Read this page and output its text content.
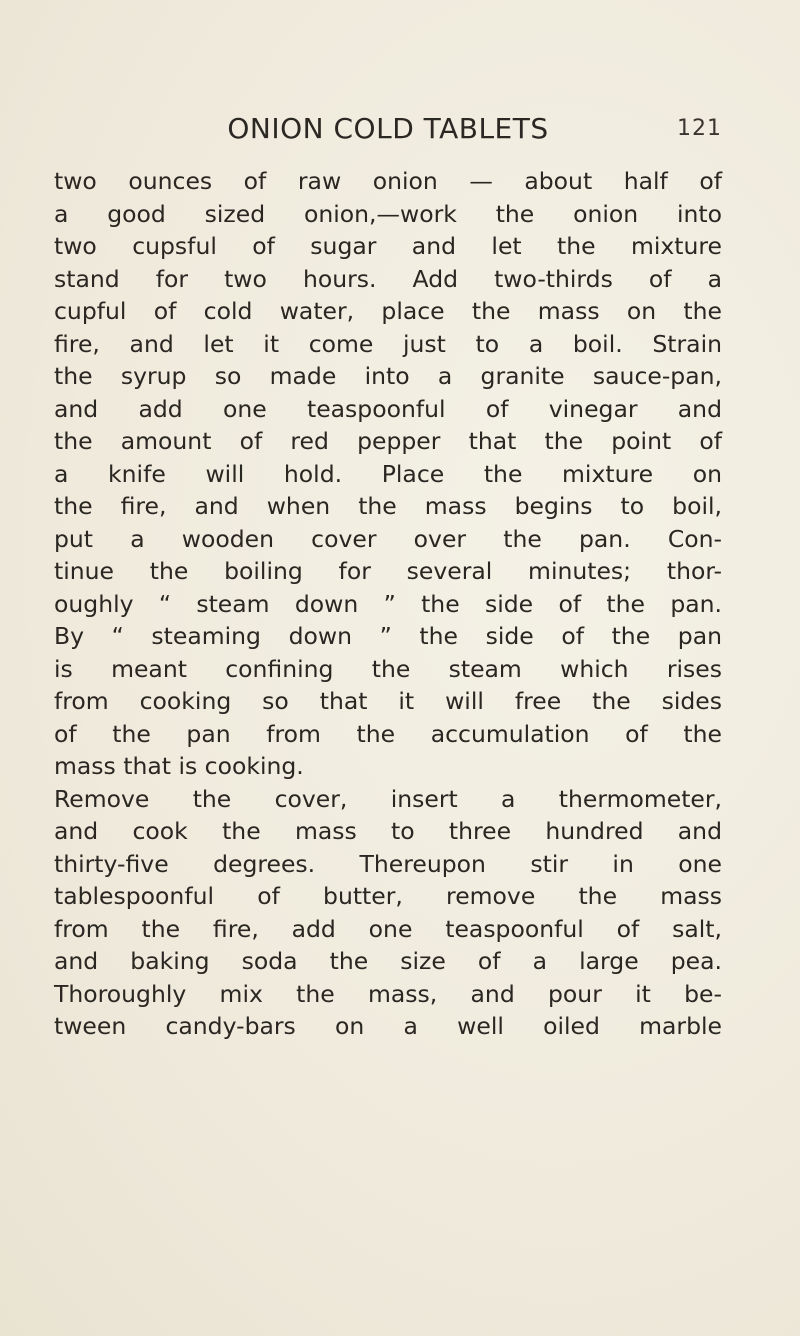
ONION COLD TABLETS	121
two ounces of raw onion — about half of
a good sized onion,—work the onion into
two cupsful of sugar and let the mixture
stand for two hours. Add two-thirds of a
cupful of cold water, place the mass on the
fire, and let it come just to a boil. Strain
the syrup so made into a granite sauce-pan,
and add one teaspoonful of vinegar and
the amount of red pepper that the point of
a knife will hold. Place the mixture on
the fire, and when the mass begins to boil,
put a wooden cover over the pan. Con-
tinue the boiling for several minutes; thor-
oughly “ steam down ” the side of the pan.
By “ steaming down ” the side of the pan
is meant confining the steam which rises
from cooking so that it will free the sides
of the pan from the accumulation of the
mass that is cooking.
Remove the cover, insert a thermometer,
and cook the mass to three hundred and
thirty-five degrees. Thereupon stir in one
tablespoonful of butter, remove the mass
from the fire, add one teaspoonful of salt,
and baking soda the size of a large pea.
Thoroughly mix the mass, and pour it be-
tween candy-bars on a well oiled marble
